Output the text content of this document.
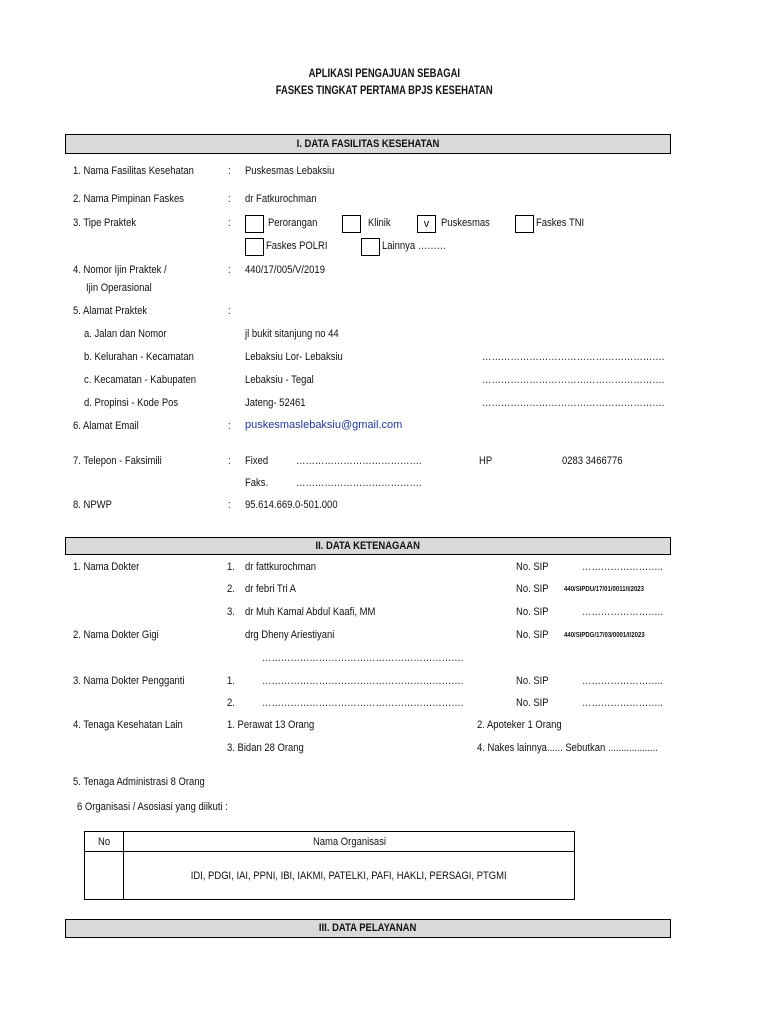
APLIKASI PENGAJUAN SEBAGAI
FASKES TINGKAT PERTAMA BPJS KESEHATAN
I. DATA FASILITAS KESEHATAN
1. Nama Fasilitas Kesehatan	: Puskesmas Lebaksiu
2. Nama Pimpinan Faskes	: dr Fatkurochman
3. Tipe Praktek	:	Perorangan	Klinik	v	Puskesmas	Faskes TNI
Faskes POLRI	Lainnya ………
4. Nomor Ijin Praktek /
Ijin Operasional
: 440/17/005/V/2019
5. Alamat Praktek	:
a. Jalan dan Nomor	jl bukit sitanjung no 44
b. Kelurahan - Kecamatan	Lebaksiu Lor- Lebaksiu	………………………………………………….
c. Kecamatan - Kabupaten	Lebaksiu - Tegal	………………………………………………….
d. Propinsi - Kode Pos	Jateng- 52461	………………………………………………….
6. Alamat Email	: puskesmaslebaksiu@gmail.com
7. Telepon - Faksimili	: Fixed	………………………………….	HP	0283 3466776
Faks.	………………………………….
8. NPWP	: 95.614.669.0-501.000
II. DATA KETENAGAAN
1. Nama Dokter	1. dr fattkurochman	No. SIP	……………………..
2. dr febri Tri A	No. SIP 440/SIPDU/17/01/0011/I/2023
3. dr Muh Kamal Abdul Kaafi, MM	No. SIP	……………………..
2. Nama Dokter Gigi	drg Dheny Ariestiyani	No. SIP 440/SIPDG/17/03/0001/I/2023
……………………………………………………….
3. Nama Dokter Pengganti	1. ……………………………………………………….	No. SIP	……………………..
2. ……………………………………………………….	No. SIP	……………………..
4. Tenaga Kesehatan Lain	1. Perawat 13 Orang	2. Apoteker 1 Orang
3. Bidan 28 Orang	4. Nakes lainnya...... Sebutkan ...................
5. Tenaga Administrasi 8 Orang
6 Organisasi / Asosiasi yang diikuti :
No	Nama Organisasi
	IDI, PDGI, IAI, PPNI, IBI, IAKMI, PATELKI, PAFI, HAKLI, PERSAGI, PTGMI
III. DATA PELAYANAN
